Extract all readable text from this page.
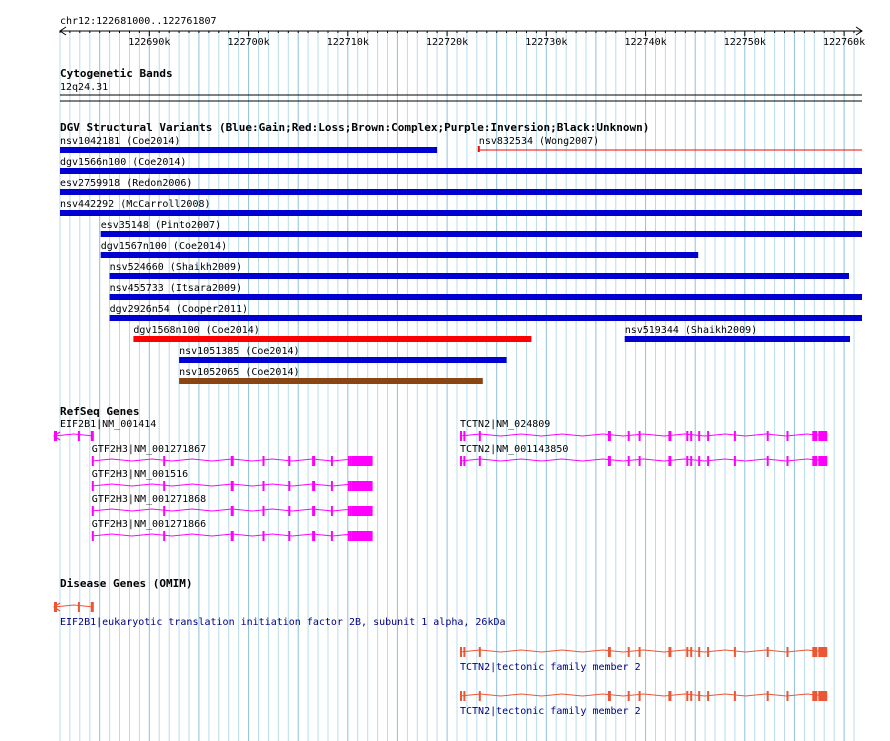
chr12:122681000..122761807
122690k	122700k	122710k	122720k	122730k	122740k	122750k	122760k
Cytogenetic Bands
12q24.31
DGV Structural Variants (Blue:Gain;Red:Loss;Brown:Complex;Purple:Inversion;Black:Unknown)
nsv1042181 (Coe2014)	nsv832534 (Wong2007)
dgv1566n100 (Coe2014)
esv2759918 (Redon2006)
nsv442292 (McCarroll2008)
esv35148 (Pinto2007)
dgv1567n100 (Coe2014)
nsv524660 (Shaikh2009)
nsv455733 (Itsara2009)
dgv2926n54 (Cooper2011)
dgv1568n100 (Coe2014)	nsv519344 (Shaikh2009)
nsv1051385 (Coe2014)
nsv1052065 (Coe2014)
RefSeq Genes
EIF2B1|NM_001414	TCTN2|NM_024809
GTF2H3|NM_001271867	TCTN2|NM_001143850
GTF2H3|NM_001516
GTF2H3|NM_001271868
GTF2H3|NM_001271866
Disease Genes (OMIM)
EIF2B1|eukaryotic translation initiation factor 2B, subunit 1 alpha, 26kDa
TCTN2|tectonic family member 2
TCTN2|tectonic family member 2
